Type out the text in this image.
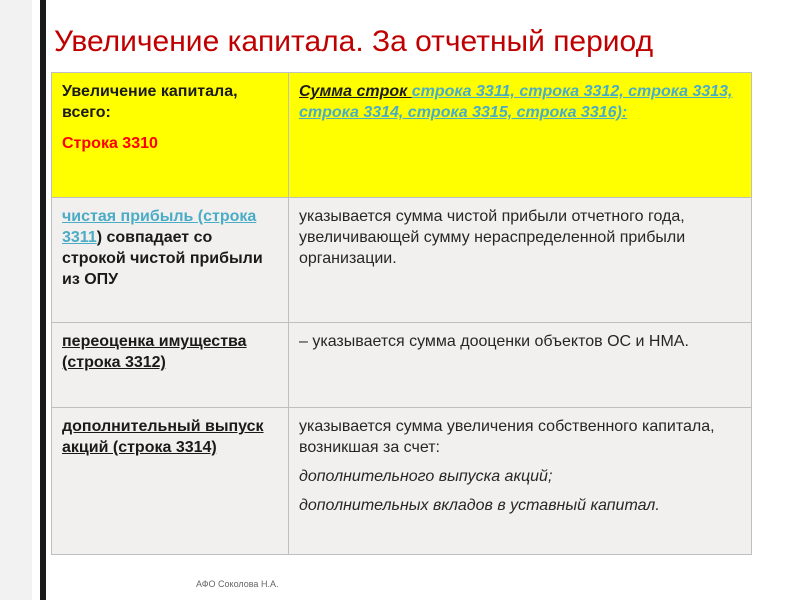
Увеличение капитала. За отчетный период
Увеличение капитала, всего:
Строка 3310	Сумма строк строка 3311, строка 3312, строка 3313, строка 3314, строка 3315, строка 3316):
чистая прибыль (строка 3311) совпадает со строкой чистой прибыли из ОПУ	указывается сумма чистой прибыли отчетного года, увеличивающей сумму нераспределенной прибыли организации.
переоценка имущества (строка 3312)	– указывается сумма дооценки объектов ОС и НМА.
дополнительный выпуск акций (строка 3314)	указывается сумма увеличения собственного капитала, возникшая за счет:
дополнительного выпуска акций;
дополнительных вкладов в уставный капитал.
АФО Соколова Н.А.
